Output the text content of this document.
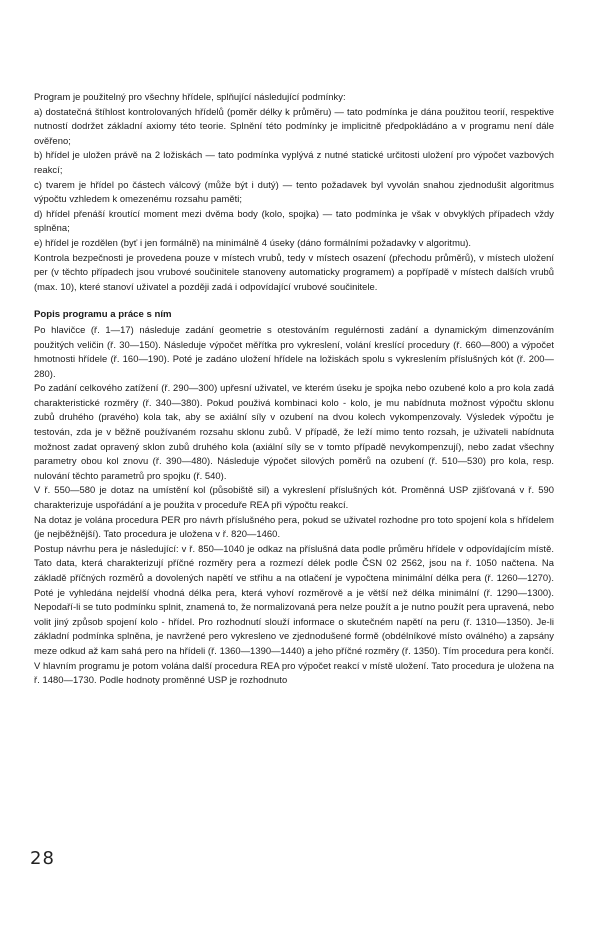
Program je použitelný pro všechny hřídele, splňující následující podmínky:

a) dostatečná štíhlost kontrolovaných hřídelů (poměr délky k průměru) — tato podmínka je dána použitou teorií, respektive nutností dodržet základní axiomy této teorie. Splnění této podmínky je implicitně předpokládáno a v programu není dále ověřeno;

b) hřídel je uložen právě na 2 ložiskách — tato podmínka vyplývá z nutné statické určitosti uložení pro výpočet vazbových reakcí;

c) tvarem je hřídel po částech válcový (může být i dutý) — tento požadavek byl vyvolán snahou zjednodušit algoritmus výpočtu vzhledem k omezenému rozsahu paměti;

d) hřídel přenáší kroutící moment mezi dvěma body (kolo, spojka) — tato podmínka je však v obvyklých případech vždy splněna;

e) hřídel je rozdělen (byť i jen formálně) na minimálně 4 úseky (dáno formálními požadavky v algoritmu).

Kontrola bezpečnosti je provedena pouze v místech vrubů, tedy v místech osazení (přechodu průměrů), v místech uložení per (v těchto případech jsou vrubové součinitele stanoveny automaticky programem) a popřípadě v místech dalších vrubů (max. 10), které stanoví uživatel a později zadá i odpovídající vrubové součinitele.

Popis programu a práce s ním

Po hlavičce (ř. 1—17) následuje zadání geometrie s otestováním regulérnosti zadání a dynamickým dimenzováním použitých veličin (ř. 30—150). Následuje výpočet měřítka pro vykreslení, volání kreslící procedury (ř. 660—800) a výpočet hmotnosti hřídele (ř. 160—190). Poté je zadáno uložení hřídele na ložiskách spolu s vykreslením příslušných kót (ř. 200—280).

Po zadání celkového zatížení (ř. 290—300) upřesní uživatel, ve kterém úseku je spojka nebo ozubené kolo a pro kola zadá charakteristické rozměry (ř. 340—380). Pokud použivá kombinaci kolo - kolo, je mu nabídnuta možnost výpočtu sklonu zubů druhého (pravého) kola tak, aby se axiální síly v ozubení na dvou kolech vykompenzovaly. Výsledek výpočtu je testován, zda je v běžně používaném rozsahu sklonu zubů. V případě, že leží mimo tento rozsah, je uživateli nabídnuta možnost zadat opravený sklon zubů druhého kola (axiální síly se v tomto případě nevykompenzují), nebo zadat všechny parametry obou kol znovu (ř. 390—480). Následuje výpočet silových poměrů na ozubení (ř. 510—530) pro kola, resp. nulování těchto parametrů pro spojku (ř. 540).

V ř. 550—580 je dotaz na umístění kol (působiště sil) a vykreslení příslušných kót. Proměnná USP zjišťovaná v ř. 590 charakterizuje uspořádání a je použita v proceduře REA při výpočtu reakcí.

Na dotaz je volána procedura PER pro návrh příslušného pera, pokud se uživatel rozhodne pro toto spojení kola s hřídelem (je nejběžnější). Tato procedura je uložena v ř. 820—1460.

Postup návrhu pera je následující: v ř. 850—1040 je odkaz na příslušná data podle průměru hřídele v odpovídajícím místě. Tato data, která charakterizují příčné rozměry pera a rozmezí délek podle ČSN 02 2562, jsou na ř. 1050 načtena. Na základě příčných rozměrů a dovolených napětí ve střihu a na otlačení je vypočtena minimální délka pera (ř. 1260—1270). Poté je vyhledána nejdelší vhodná délka pera, která vyhoví rozměrově a je větší než délka minimální (ř. 1290—1300). Nepodaří-li se tuto podmínku splnit, znamená to, že normalizovaná pera nelze použít a je nutno použít pera upravená, nebo volit jiný způsob spojení kolo - hřídel. Pro rozhodnutí slouží informace o skutečném napětí na peru (ř. 1310—1350). Je-li základní podmínka splněna, je navržené pero vykresleno ve zjednodušené formě (obdélníkové místo oválného) a zapsány meze odkud až kam sahá pero na hřídeli (ř. 1360—1390—1440) a jeho příčné rozměry (ř. 1350). Tím procedura pera končí.

V hlavním programu je potom volána další procedura REA pro výpočet reakcí v místě uložení. Tato procedura je uložena na ř. 1480—1730. Podle hodnoty proměnné USP je rozhodnuto

28
